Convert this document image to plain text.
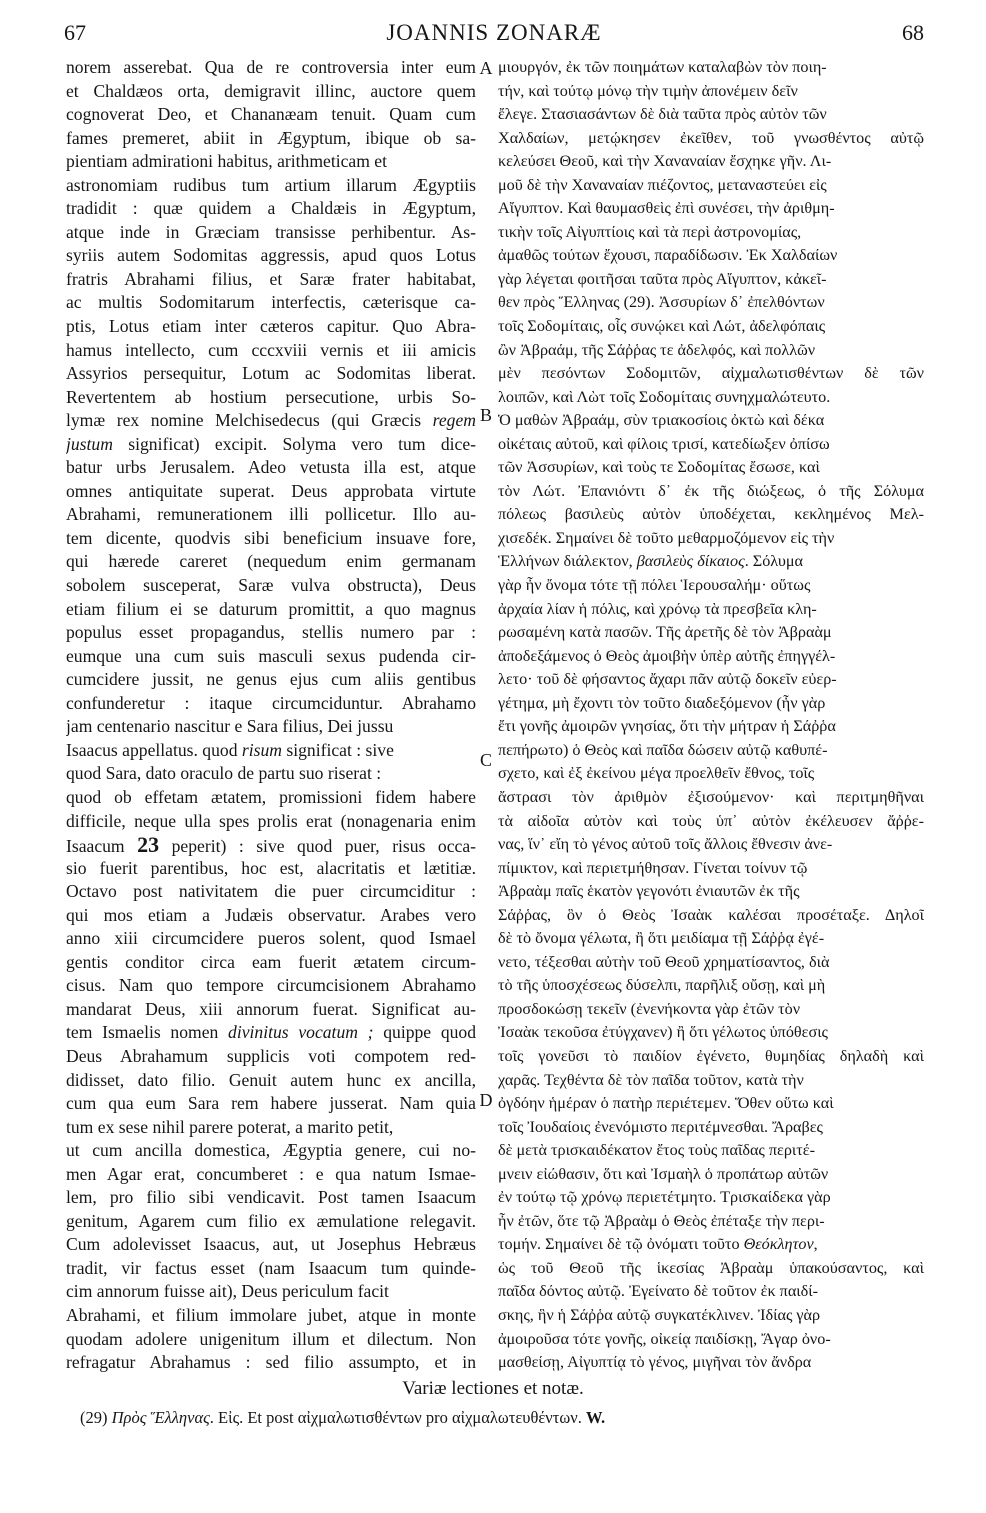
67	JOANNIS ZONARÆ	68
norem asserebat. Qua de re controversia inter eum
et Chaldæos orta, demigravit illinc, auctore quem
cognoverat Deo, et Chananæam tenuit. Quam cum
fames premeret, abiit in Ægyptum, ibique ob sa-
pientiam admirationi habitus, arithmeticam et
astronomiam rudibus tum artium illarum Ægyptiis
tradidit : quæ quidem a Chaldæis in Ægyptum,
atque inde in Græciam transisse perhibentur. As-
syriis autem Sodomitas aggressis, apud quos Lotus
fratris Abrahami filius, et Saræ frater habitabat,
ac multis Sodomitarum interfectis, cæterisque ca-
ptis, Lotus etiam inter cæteros capitur. Quo Abra-
hamus intellecto, cum cccxviii vernis et iii amicis
Assyrios persequitur, Lotum ac Sodomitas liberat.
Revertentem ab hostium persecutione, urbis So-
lymæ rex nomine Melchisedecus (qui Græcis regem
justum significat) excipit. Solyma vero tum dice-
batur urbs Jerusalem. Adeo vetusta illa est, atque
omnes antiquitate superat. Deus approbata virtute
Abrahami, remunerationem illi pollicetur. Illo au-
tem dicente, quodvis sibi beneficium insuave fore,
qui hærede careret (nequedum enim germanam
sobolem susceperat, Saræ vulva obstructa), Deus
etiam filium ei se daturum promittit, a quo magnus
populus esset propagandus, stellis numero par :
eumque una cum suis masculi sexus pudenda cir-
cumcidere jussit, ne genus ejus cum aliis gentibus
confunderetur : itaque circumciduntur. Abrahamo
jam centenario nascitur e Sara filius, Dei jussu
Isaacus appellatus. quod risum significat : sive
quod Sara, dato oraculo de partu suo riserat :
quod ob effetam ætatem, promissioni fidem habere
difficile, neque ulla spes prolis erat (nonagenaria enim
Isaacum 23 peperit) : sive quod puer, risus occa-
sio fuerit parentibus, hoc est, alacritatis et lætitiæ.
Octavo post nativitatem die puer circumciditur :
qui mos etiam a Judæis observatur. Arabes vero
anno xiii circumcidere pueros solent, quod Ismael
gentis conditor circa eam fuerit ætatem circum-
cisus. Nam quo tempore circumcisionem Abrahamo
mandarat Deus, xiii annorum fuerat. Significat au-
tem Ismaelis nomen divinitus vocatum ; quippe quod
Deus Abrahamum supplicis voti compotem red-
didisset, dato filio. Genuit autem hunc ex ancilla,
cum qua eum Sara rem habere jusserat. Nam quia
tum ex sese nihil parere poterat, a marito petit,
ut cum ancilla domestica, Ægyptia genere, cui no-
men Agar erat, concumberet : e qua natum Ismae-
lem, pro filio sibi vendicavit. Post tamen Isaacum
genitum, Agarem cum filio ex æmulatione relegavit.
Cum adolevisset Isaacus, aut, ut Josephus Hebræus
tradit, vir factus esset (nam Isaacum tum quinde-
cim annorum fuisse ait), Deus periculum facit
Abrahami, et filium immolare jubet, atque in monte
quodam adolere unigenitum illum et dilectum. Non
refragatur Abrahamus : sed filio assumpto, et in
μιουργόν, ἐκ τῶν ποιημάτων καταλαβὼν τὸν ποιη-
τήν, καὶ τούτῳ μόνῳ τὴν τιμὴν ἀπονέμειν δεῖν
ἔλεγε. Στασιασάντων δὲ διὰ ταῦτα πρὸς αὐτὸν τῶν
Χαλδαίων, μετῴκησεν ἐκεῖθεν, τοῦ γνωσθέντος αὐτῷ
κελεύσει Θεοῦ, καὶ τὴν Χαναναίαν ἔσχηκε γῆν. Λι-
μοῦ δὲ τὴν Χαναναίαν πιέζοντος, μεταναστεύει εἰς
Αἴγυπτον. Καὶ θαυμασθεὶς ἐπὶ συνέσει, τὴν ἀριθμη-
τικὴν τοῖς Αἰγυπτίοις καὶ τὰ περὶ ἀστρονομίας,
ἀμαθῶς τούτων ἔχουσι, παραδίδωσιν. Ἐκ Χαλδαίων
γὰρ λέγεται φοιτῆσαι ταῦτα πρὸς Αἴγυπτον, κἀκεῖ-
θεν πρὸς Ἕλληνας (29). Ἀσσυρίων δ᾽ ἐπελθόντων
τοῖς Σοδομίταις, οἷς συνῴκει καὶ Λώτ, ἀδελφόπαις
ὢν Ἀβραάμ, τῆς Σάῤῥας τε ἀδελφός, καὶ πολλῶν
μὲν πεσόντων Σοδομιτῶν, αἰχμαλωτισθέντων δὲ τῶν
λοιπῶν, καὶ Λὼτ τοῖς Σοδομίταις συνηχμαλώτευτο.
Ὁ μαθὼν Ἀβραάμ, σὺν τριακοσίοις ὀκτὼ καὶ δέκα
οἰκέταις αὐτοῦ, καὶ φίλοις τρισί, κατεδίωξεν ὀπίσω
τῶν Ἀσσυρίων, καὶ τοὺς τε Σοδομίτας ἔσωσε, καὶ
τὸν Λώτ. Ἐπανιόντι δ᾽ ἐκ τῆς διώξεως, ὁ τῆς Σόλυμα
πόλεως βασιλεὺς αὐτὸν ὑποδέχεται, κεκλημένος Μελ-
χισεδέκ. Σημαίνει δὲ τοῦτο μεθαρμοζόμενον εἰς τὴν
Ἑλλήνων διάλεκτον, βασιλεὺς δίκαιος. Σόλυμα
γὰρ ἦν ὄνομα τότε τῇ πόλει Ἱερουσαλήμ· οὕτως
ἀρχαία λίαν ἡ πόλις, καὶ χρόνῳ τὰ πρεσβεῖα κλη-
ρωσαμένη κατὰ πασῶν. Τῆς ἀρετῆς δὲ τὸν Ἀβραὰμ
ἀποδεξάμενος ὁ Θεὸς ἀμοιβὴν ὑπὲρ αὐτῆς ἐπηγγέλ-
λετο· τοῦ δὲ φήσαντος ἄχαρι πᾶν αὐτῷ δοκεῖν εὐερ-
γέτημα, μὴ ἔχοντι τὸν τοῦτο διαδεξόμενον (ἦν γὰρ
ἔτι γονῆς ἀμοιρῶν γνησίας, ὅτι τὴν μήτραν ἡ Σάῤῥα
πεπήρωτο) ὁ Θεὸς καὶ παῖδα δώσειν αὐτῷ καθυπέ-
σχετο, καὶ ἐξ ἐκείνου μέγα προελθεῖν ἔθνος, τοῖς
ἄστρασι τὸν ἀριθμὸν ἐξισούμενον· καὶ περιτμηθῆναι
τὰ αἰδοῖα αὐτὸν καὶ τοὺς ὑπ᾽ αὐτὸν ἐκέλευσεν ἄῤῥε-
νας, ἵν᾽ εἴη τὸ γένος αὐτοῦ τοῖς ἄλλοις ἔθνεσιν ἀνε-
πίμικτον, καὶ περιετμήθησαν. Γίνεται τοίνυν τῷ
Ἀβραὰμ παῖς ἑκατὸν γεγονότι ἐνιαυτῶν ἐκ τῆς
Σάῤῥας, ὃν ὁ Θεὸς Ἰσαὰκ καλέσαι προσέταξε. Δηλοῖ
δὲ τὸ ὄνομα γέλωτα, ἢ ὅτι μειδίαμα τῇ Σάῤῥᾳ ἐγέ-
νετο, τέξεσθαι αὐτὴν τοῦ Θεοῦ χρηματίσαντος, διὰ
τὸ τῆς ὑποσχέσεως δύσελπι, παρῆλιξ οὔσῃ, καὶ μὴ
προσδοκώσῃ τεκεῖν (ἐνενήκοντα γὰρ ἐτῶν τὸν
Ἰσαὰκ τεκοῦσα ἐτύγχανεν) ἢ ὅτι γέλωτος ὑπόθεσις
τοῖς γονεῦσι τὸ παιδίον ἐγένετο, θυμηδίας δηλαδὴ καὶ
χαρᾶς. Τεχθέντα δὲ τὸν παῖδα τοῦτον, κατὰ τὴν
ὀγδόην ἡμέραν ὁ πατὴρ περιέτεμεν. Ὅθεν οὕτω καὶ
τοῖς Ἰουδαίοις ἐνενόμιστο περιτέμνεσθαι. Ἄραβες
δὲ μετὰ τρισκαιδέκατον ἔτος τοὺς παῖδας περιτέ-
μνειν εἰώθασιν, ὅτι καὶ Ἰσμαὴλ ὁ προπάτωρ αὐτῶν
ἐν τούτῳ τῷ χρόνῳ περιετέτμητο. Τρισκαίδεκα γὰρ
ἦν ἐτῶν, ὅτε τῷ Ἀβραὰμ ὁ Θεὸς ἐπέταξε τὴν περι-
τομήν. Σημαίνει δὲ τῷ ὀνόματι τοῦτο Θεόκλητον,
ὡς τοῦ Θεοῦ τῆς ἱκεσίας Ἀβραὰμ ὑπακούσαντος, καὶ
παῖδα δόντος αὐτῷ. Ἐγείνατο δὲ τοῦτον ἐκ παιδί-
σκης, ἣν ἡ Σάῤῥα αὐτῷ συγκατέκλινεν. Ἰδίας γὰρ
ἀμοιροῦσα τότε γονῆς, οἰκείᾳ παιδίσκῃ, Ἄγαρ ὀνο-
μασθείσῃ, Αἰγυπτίᾳ τὸ γένος, μιγῆναι τὸν ἄνδρα
A
B
C
D
Variæ lectiones et notæ.
(29) Πρὸς Ἕλληνας. Εἰς. Et post αἰχμαλωτισθέντων pro αἰχμαλωτευθέντων. W.
